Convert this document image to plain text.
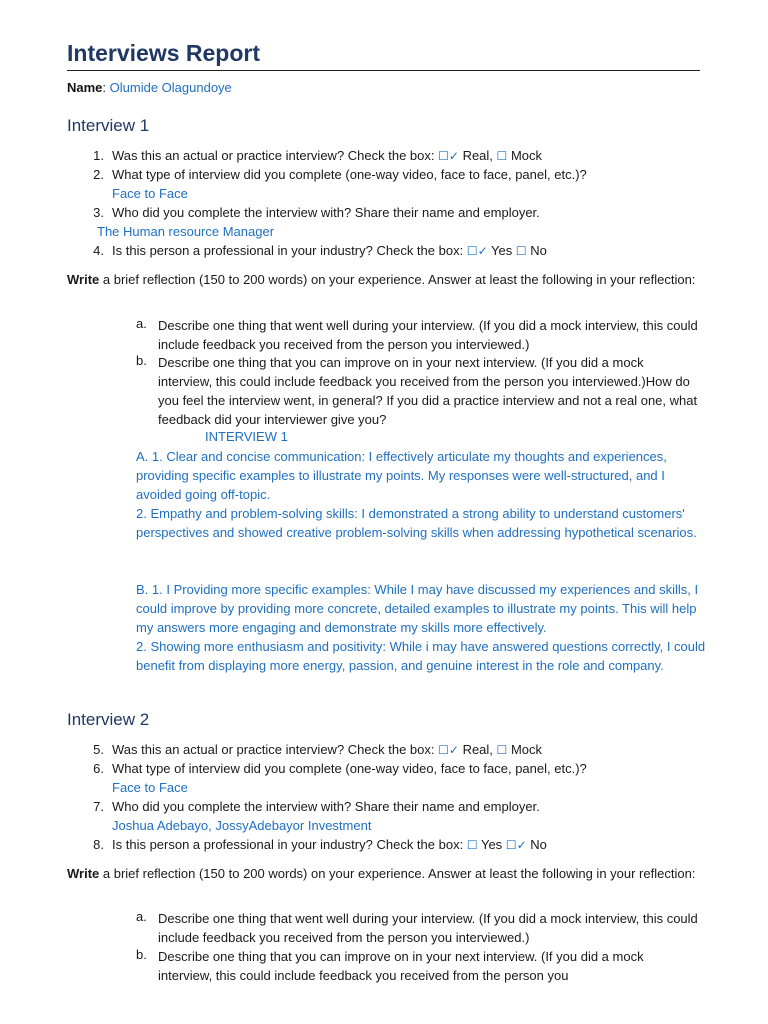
Interviews Report
Name: Olumide Olagundoye
Interview 1
1. Was this an actual or practice interview? Check the box: ☐✓ Real, ☐ Mock
2. What type of interview did you complete (one-way video, face to face, panel, etc.)?
Face to Face
3. Who did you complete the interview with? Share their name and employer.
The Human resource Manager
4. Is this person a professional in your industry? Check the box: ☐✓ Yes ☐ No
Write a brief reflection (150 to 200 words) on your experience. Answer at least the following in your reflection:
a. Describe one thing that went well during your interview. (If you did a mock interview, this could include feedback you received from the person you interviewed.)
b. Describe one thing that you can improve on in your next interview. (If you did a mock interview, this could include feedback you received from the person you interviewed.)How do you feel the interview went, in general? If you did a practice interview and not a real one, what feedback did your interviewer give you?
INTERVIEW 1
A. 1. Clear and concise communication: I effectively articulate my thoughts and experiences, providing specific examples to illustrate my points. My responses were well-structured, and I avoided going off-topic.
2. Empathy and problem-solving skills: I demonstrated a strong ability to understand customers' perspectives and showed creative problem-solving skills when addressing hypothetical scenarios.
B. 1. I Providing more specific examples: While I may have discussed my experiences and skills, I could improve by providing more concrete, detailed examples to illustrate my points. This will help my answers more engaging and demonstrate my skills more effectively.
2. Showing more enthusiasm and positivity: While i may have answered questions correctly, I could benefit from displaying more energy, passion, and genuine interest in the role and company.
Interview 2
5. Was this an actual or practice interview? Check the box: ☐✓ Real, ☐ Mock
6. What type of interview did you complete (one-way video, face to face, panel, etc.)?
Face to Face
7. Who did you complete the interview with? Share their name and employer.
Joshua Adebayo, JossyAdebayor Investment
8. Is this person a professional in your industry? Check the box: ☐ Yes ☐✓ No
Write a brief reflection (150 to 200 words) on your experience. Answer at least the following in your reflection:
a. Describe one thing that went well during your interview. (If you did a mock interview, this could include feedback you received from the person you interviewed.)
b. Describe one thing that you can improve on in your next interview. (If you did a mock interview, this could include feedback you received from the person you
